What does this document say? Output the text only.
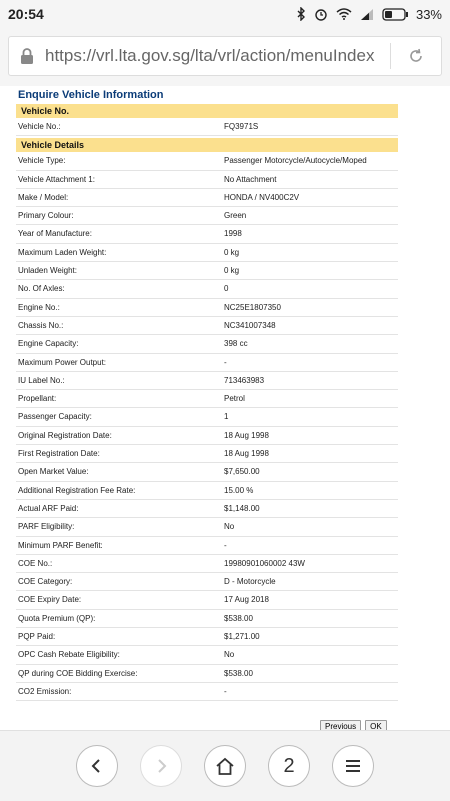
20:54	33%
https://vrl.lta.gov.sg/lta/vrl/action/menuIndex
Enquire Vehicle Information
Vehicle No.
Vehicle No.:	FQ3971S
Vehicle Details
Vehicle Type:	Passenger Motorcycle/Autocycle/Moped
Vehicle Attachment 1:	No Attachment
Make / Model:	HONDA / NV400C2V
Primary Colour:	Green
Year of Manufacture:	1998
Maximum Laden Weight:	0 kg
Unladen Weight:	0 kg
No. Of Axles:	0
Engine No.:	NC25E1807350
Chassis No.:	NC341007348
Engine Capacity:	398 cc
Maximum Power Output:	-
IU Label No.:	713463983
Propellant:	Petrol
Passenger Capacity:	1
Original Registration Date:	18 Aug 1998
First Registration Date:	18 Aug 1998
Open Market Value:	$7,650.00
Additional Registration Fee Rate:	15.00 %
Actual ARF Paid:	$1,148.00
PARF Eligibility:	No
Minimum PARF Benefit:	-
COE No.:	19980901060002 43W
COE Category:	D - Motorcycle
COE Expiry Date:	17 Aug 2018
Quota Premium (QP):	$538.00
PQP Paid:	$1,271.00
OPC Cash Rebate Eligibility:	No
QP during COE Bidding Exercise:	$538.00
CO2 Emission:	-
Previous	OK
2
